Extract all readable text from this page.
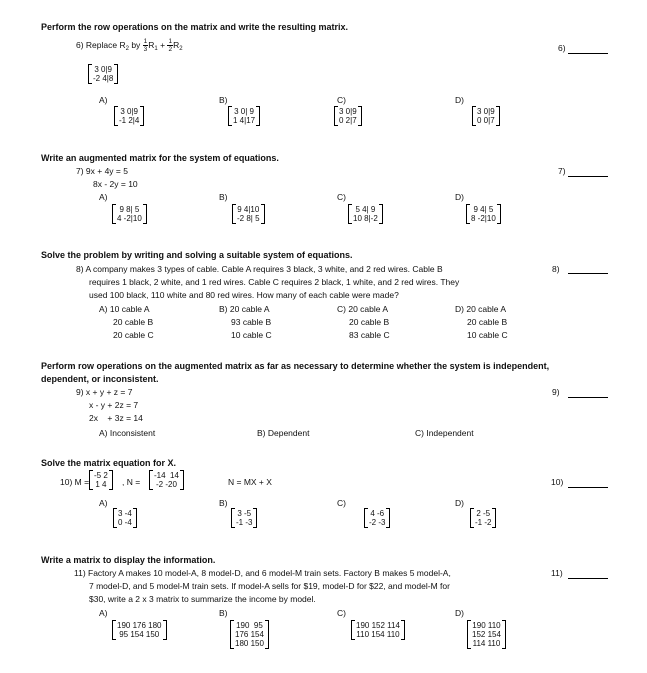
Perform the row operations on the matrix and write the resulting matrix.
6) Replace $R_2$ by $\frac{1}{3} R_1 + \frac{1}{2} R_2$	6)
3 0|9
-2 4|8
A)
3 0|9
-1 2|4
B)
3 0| 9
1 4|17
C)
3 0|9
0 2|7
D)
3 0|9
0 0|7
Write an augmented matrix for the system of equations.
7) 9x + 4y = 5
8x - 2y = 10
7)
A)
9 8| 5
4 -2|10
B)
9 4|10
-2 8| 5
C)
5 4| 9
10 8|-2
D)
9 4| 5
8 -2|10
Solve the problem by writing and solving a suitable system of equations.
8) A company makes 3 types of cable. Cable A requires 3 black, 3 white, and 2 red wires. Cable B
requires 1 black, 2 white, and 1 red wires. Cable C requires 2 black, 1 white, and 2 red wires. They
used 100 black, 110 white and 80 red wires. How many of each cable were made?
8)
A) 10 cable A
20 cable B
20 cable C
B) 20 cable A
93 cable B
10 cable C
C) 20 cable A
20 cable B
83 cable C
D) 20 cable A
20 cable B
10 cable C
Perform row operations on the augmented matrix as far as necessary to determine whether the system is independent,
dependent, or inconsistent.
9) x + y + z = 7
x - y + 2z = 7
2x    + 3z = 14
9)
A) Inconsistent	B) Dependent	C) Independent
Solve the matrix equation for X.
10) M =
-5 2
1 4 , N =
-14  14
-2 -20	N = MX + X	10)
A)
3 -4
0 -4
B)
3 -5
-1 -3
C)
4 -6
-2 -3
D)
2 -5
-1 -2
Write a matrix to display the information.
11) Factory A makes 10 model-A, 8 model-D, and 6 model-M train sets. Factory B makes 5 model-A,
7 model-D, and 5 model-M train sets. If model-A sells for $19, model-D for $22, and model-M for
$30, write a 2 x 3 matrix to summarize the income by model.
11)
A)
190 176 180
95 154 150
B)
190  95
176 154
180 150
C)
190 152 114
110 154 110
D)
190 110
152 154
114 110
